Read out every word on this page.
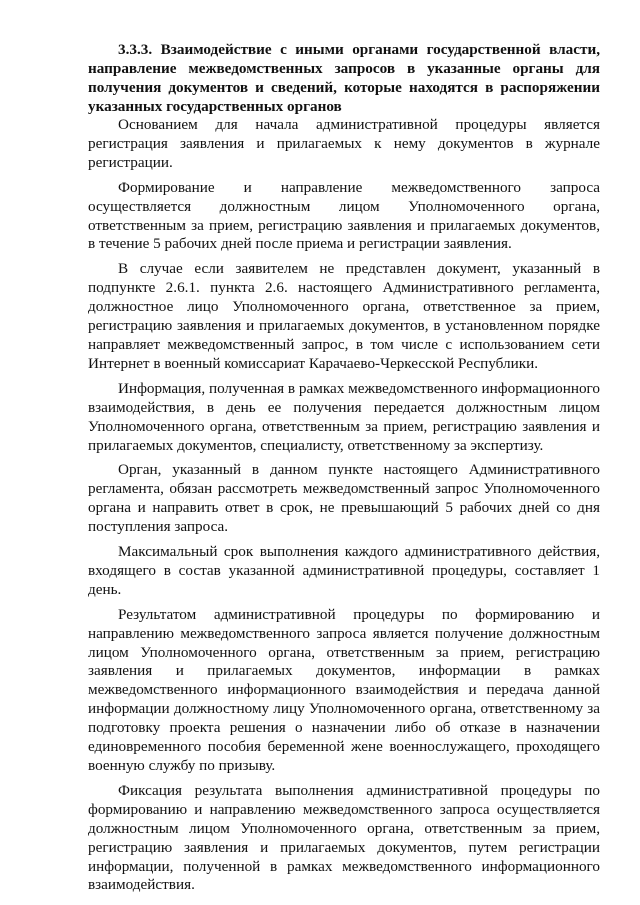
3.3.3. Взаимодействие с иными органами государственной власти, направление межведомственных запросов в указанные органы для получения документов и сведений, которые находятся в распоряжении указанных государственных органов

Основанием для начала административной процедуры является регистрация заявления и прилагаемых к нему документов в журнале регистрации.

Формирование и направление межведомственного запроса осуществляется должностным лицом Уполномоченного органа, ответственным за прием, регистрацию заявления и прилагаемых документов, в течение 5 рабочих дней после приема и регистрации заявления.

В случае если заявителем не представлен документ, указанный в подпункте 2.6.1. пункта 2.6. настоящего Административного регламента, должностное лицо Уполномоченного органа, ответственное за прием, регистрацию заявления и прилагаемых документов, в установленном порядке направляет межведомственный запрос, в том числе с использованием сети Интернет в военный комиссариат Карачаево-Черкесской Республики.

Информация, полученная в рамках межведомственного информационного взаимодействия, в день ее получения передается должностным лицом Уполномоченного органа, ответственным за прием, регистрацию заявления и прилагаемых документов, специалисту, ответственному за экспертизу.

Орган, указанный в данном пункте настоящего Административного регламента, обязан рассмотреть межведомственный запрос Уполномоченного органа и направить ответ в срок, не превышающий 5 рабочих дней со дня поступления запроса.

Максимальный срок выполнения каждого административного действия, входящего в состав указанной административной процедуры, составляет 1 день.

Результатом административной процедуры по формированию и направлению межведомственного запроса является получение должностным лицом Уполномоченного органа, ответственным за прием, регистрацию заявления и прилагаемых документов, информации в рамках межведомственного информационного взаимодействия и передача данной информации должностному лицу Уполномоченного органа, ответственному за подготовку проекта решения о назначении либо об отказе в назначении единовременного пособия беременной жене военнослужащего, проходящего военную службу по призыву.

Фиксация результата выполнения административной процедуры по формированию и направлению межведомственного запроса осуществляется должностным лицом Уполномоченного органа, ответственным за прием, регистрацию заявления и прилагаемых документов, путем регистрации информации, полученной в рамках межведомственного информационного взаимодействия.
